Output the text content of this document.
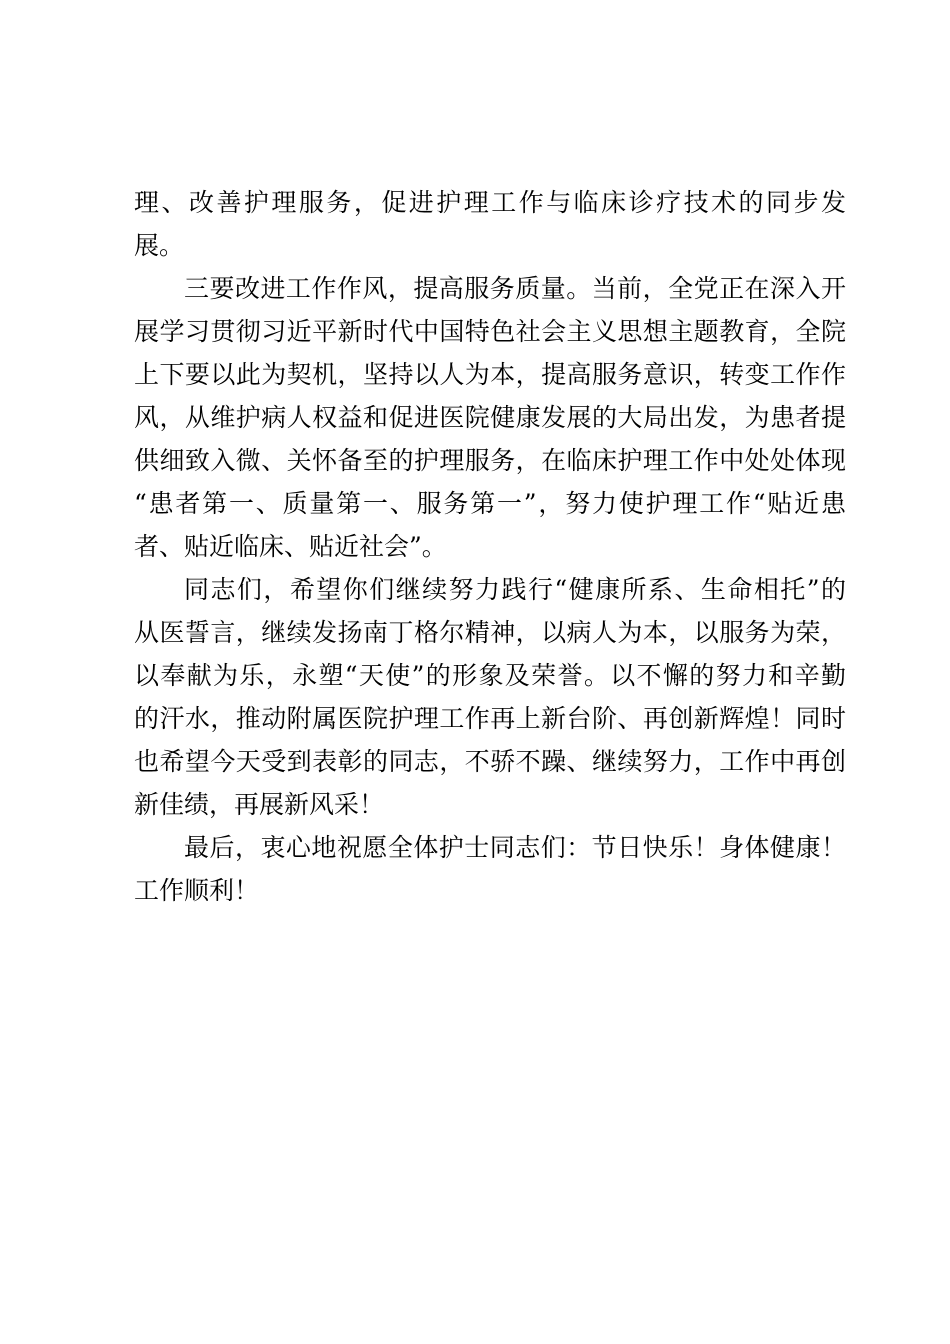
理、改善护理服务，促进护理工作与临床诊疗技术的同步发
展。

三要改进工作作风，提高服务质量。当前，全党正在深入开
展学习贯彻习近平新时代中国特色社会主义思想主题教育，全院
上下要以此为契机，坚持以人为本，提高服务意识，转变工作作
风，从维护病人权益和促进医院健康发展的大局出发，为患者提
供细致入微、关怀备至的护理服务，在临床护理工作中处处体现
“患者第一、质量第一、服务第一”，努力使护理工作“贴近患
者、贴近临床、贴近社会”。

同志们，希望你们继续努力践行“健康所系、生命相托”的
从医誓言，继续发扬南丁格尔精神，以病人为本，以服务为荣，
以奉献为乐，永塑“天使”的形象及荣誉。以不懈的努力和辛勤
的汗水，推动附属医院护理工作再上新台阶、再创新辉煌！同时
也希望今天受到表彰的同志，不骄不躁、继续努力，工作中再创
新佳绩，再展新风采！

最后，衷心地祝愿全体护士同志们：节日快乐！身体健康！
工作顺利！
